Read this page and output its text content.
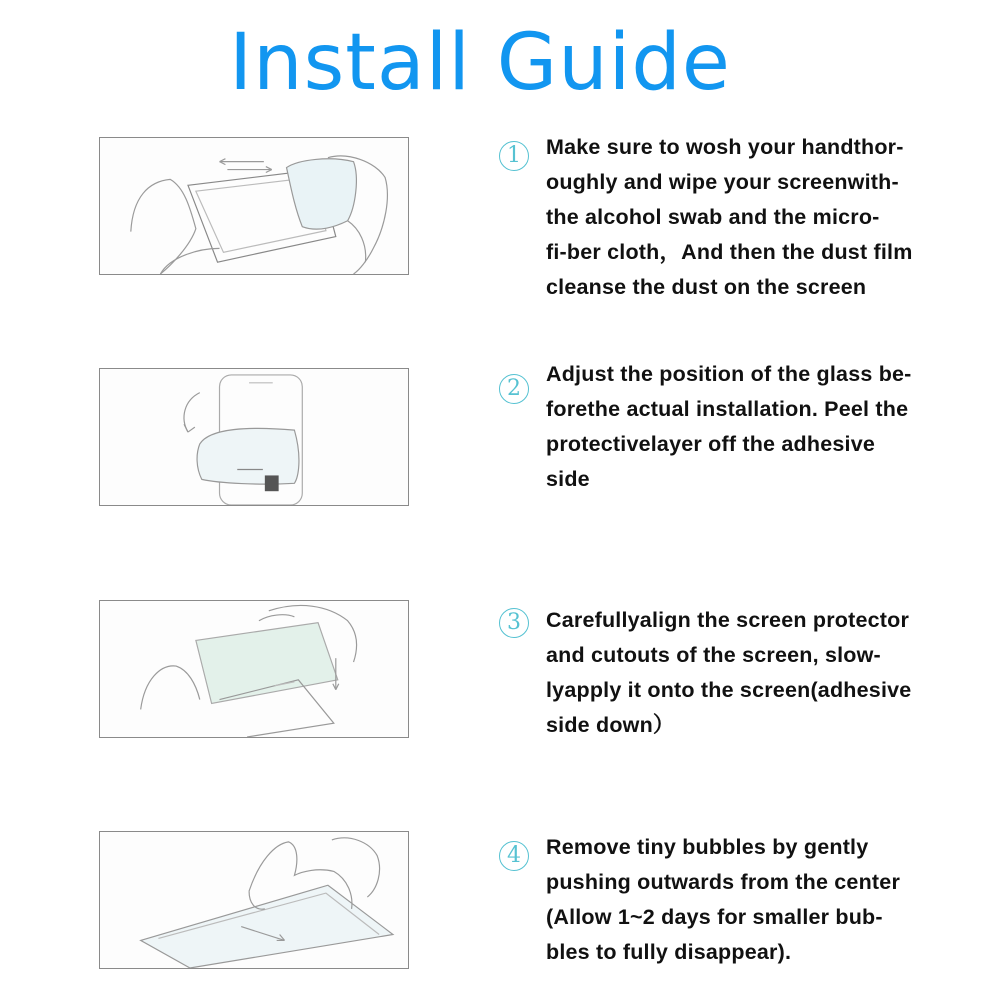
Install Guide
1	Make sure to wosh your handthor-
oughly and wipe your screenwith-
the alcohol swab and the micro-
fi-ber cloth，And then the dust film
cleanse the dust on the screen

2

Adjust the position of the glass be-
forethe actual installation. Peel the
protectivelayer off the adhesive
side

3	Carefullyalign the screen protector
and cutouts of the screen, slow-
lyapply it onto the screen(adhesive
side down）

4	Remove tiny bubbles by gently
pushing outwards from the center
(Allow 1~2 days for smaller bub-
bles to fully disappear).
